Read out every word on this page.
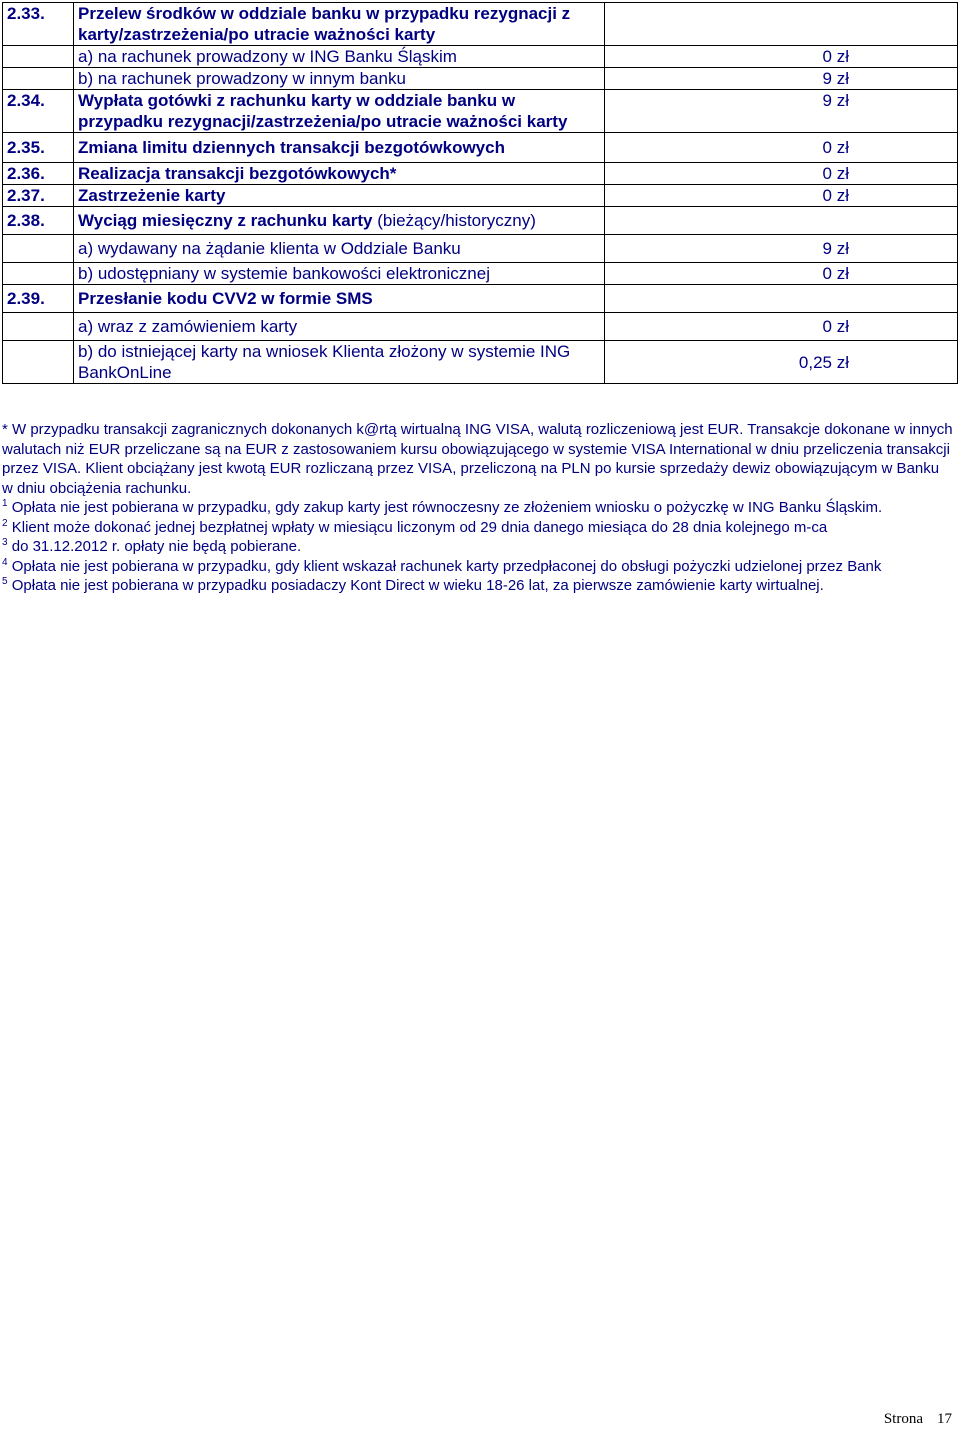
2.33.	Przelew środków w oddziale banku w przypadku rezygnacji z karty/zastrzeżenia/po utracie ważności karty	
	a) na rachunek prowadzony w ING Banku Śląskim	0 zł
	b) na rachunek prowadzony w innym banku	9 zł
2.34.	Wypłata gotówki z rachunku karty w oddziale banku w przypadku rezygnacji/zastrzeżenia/po utracie ważności karty	9 zł
2.35.	Zmiana limitu dziennych transakcji bezgotówkowych	0 zł
2.36.	Realizacja transakcji bezgotówkowych*	0 zł
2.37.	Zastrzeżenie karty	0 zł
2.38.	Wyciąg miesięczny z rachunku karty (bieżący/historyczny)	
	a) wydawany na żądanie klienta w Oddziale Banku	9 zł
	b) udostępniany w systemie bankowości elektronicznej	0 zł
2.39.	Przesłanie kodu CVV2 w formie SMS	
	a) wraz z zamówieniem karty	0 zł
	b) do istniejącej karty na wniosek Klienta złożony w systemie ING BankOnLine	0,25 zł

* W przypadku transakcji zagranicznych dokonanych k@rtą wirtualną ING VISA, walutą rozliczeniową jest EUR. Transakcje dokonane w innych walutach niż EUR przeliczane są na EUR z zastosowaniem kursu obowiązującego w systemie VISA International w dniu przeliczenia transakcji przez VISA. Klient obciążany jest kwotą EUR rozliczaną przez VISA, przeliczoną na PLN po kursie sprzedaży dewiz obowiązującym w Banku w dniu obciążenia rachunku.

$^1$ Opłata nie jest pobierana w przypadku, gdy zakup karty jest równoczesny ze złożeniem wniosku o pożyczkę w ING Banku Śląskim.

$^2$ Klient może dokonać jednej bezpłatnej wpłaty w miesiącu liczonym od 29 dnia danego miesiąca do 28 dnia kolejnego m-ca

$^3$ do 31.12.2012 r. opłaty nie będą pobierane.

$^4$ Opłata nie jest pobierana w przypadku, gdy klient wskazał rachunek karty przedpłaconej do obsługi pożyczki udzielonej przez Bank

$^5$ Opłata nie jest pobierana w przypadku posiadaczy Kont Direct w wieku 18-26 lat, za pierwsze zamówienie karty wirtualnej.

Strona 17
